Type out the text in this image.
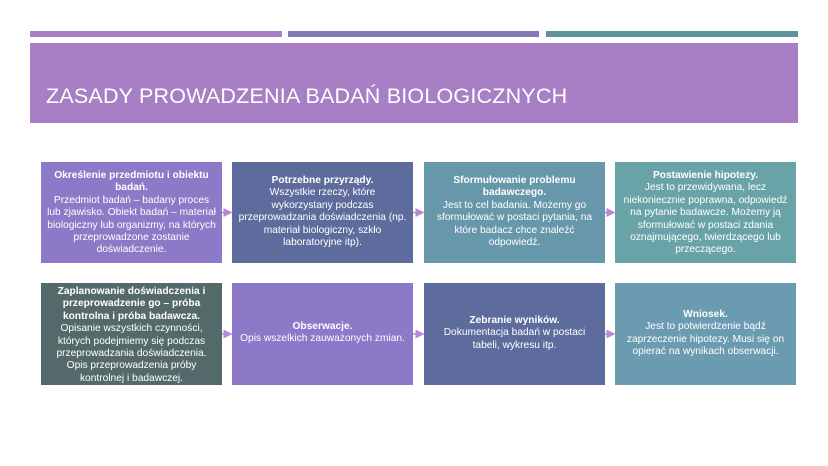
ZASADY PROWADZENIA BADAŃ BIOLOGICZNYCH
Określenie przedmiotu i obiektu badań.
Przedmiot badań – badany proces lub zjawisko. Obiekt badań – materiał biologiczny lub organizmy, na których przeprowadzone zostanie doświadczenie.
Potrzebne przyrządy.
Wszystkie rzeczy, które wykorzystany podczas przeprowadzania doświadczenia (np. materiał biologiczny, szkło laboratoryjne itp).
Sformułowanie problemu badawczego.
Jest to cel badania. Możemy go sformułować w postaci pytania, na które badacz chce znaleźć odpowiedź.
Postawienie hipotezy.
Jest to przewidywana, lecz niekoniecznie poprawna, odpowiedź na pytanie badawcze. Możemy ją sformułować w postaci zdania oznajmującego, twierdzącego lub przeczącego.
Zaplanowanie doświadczenia i przeprowadzenie go – próba kontrolna i próba badawcza.
Opisanie wszystkich czynności, których podejmiemy się podczas przeprowadzania doświadczenia. Opis przeprowadzenia próby kontrolnej i badawczej.
Obserwacje.
Opis wszelkich zauważonych zmian.
Zebranie wyników.
Dokumentacja badań w postaci tabeli, wykresu itp.
Wniosek.
Jest to potwierdzenie bądź zaprzeczenie hipotezy. Musi się on opierać na wynikach obserwacji.
